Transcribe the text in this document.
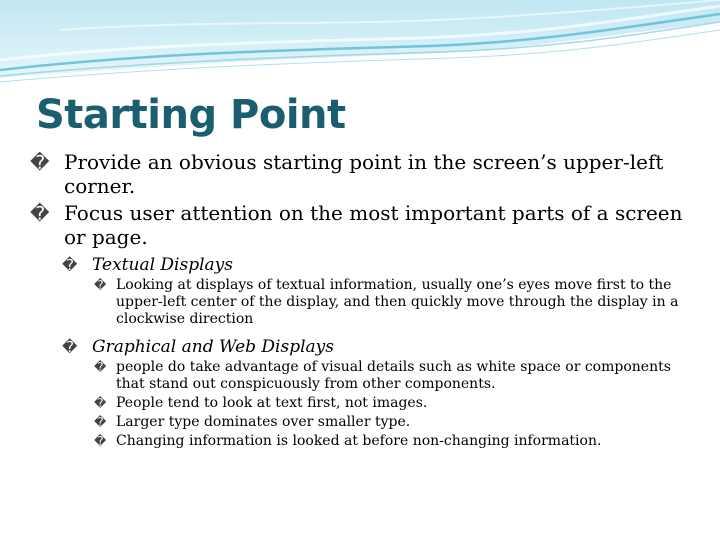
Starting Point

� Provide an obvious starting point in the screen’s upper-left corner.

� Focus user attention on the most important parts of a screen or page.

� Textual Displays

� Looking at displays of textual information, usually one’s eyes move first to the upper-left center of the display, and then quickly move through the display in a clockwise direction

� Graphical and Web Displays

� people do take advantage of visual details such as white space or components that stand out conspicuously from other components.

� People tend to look at text first, not images.

� Larger type dominates over smaller type.

� Changing information is looked at before non-changing information.
